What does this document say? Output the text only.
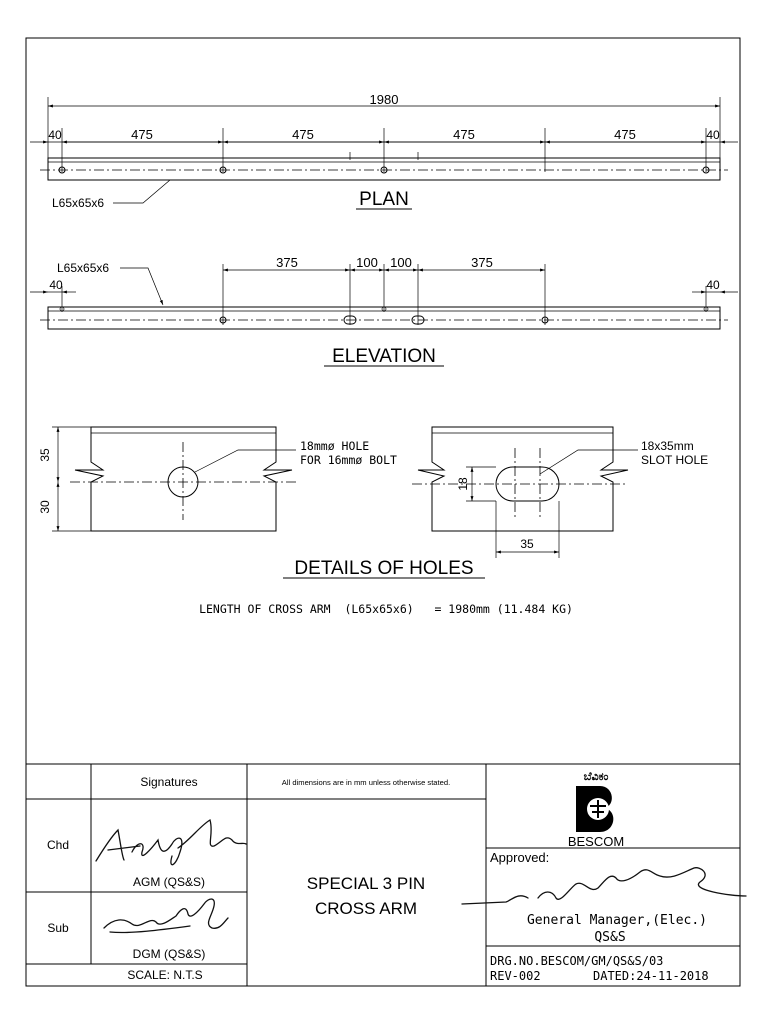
1980
40	475	475	475	475	40
L65x65x6	PLAN
375	100 100	375
40	40
L65x65x6
ELEVATION
35
30
18mmø HOLE
FOR 16mmø BOLT
18
35
18x35mm
SLOT HOLE
DETAILS OF HOLES
LENGTH OF CROSS ARM  (L65x65x6)   = 1980mm (11.484 KG)
Signatures	All dimensions are in mm unless otherwise stated.
Chd
Sub
AGM (QS&S)
DGM (QS&S)
SCALE: N.T.S
SPECIAL 3 PIN
CROSS ARM
ಬೆವಿಕಂ
BESCOM
Approved:
General Manager,(Elec.)
QS&S
DRG.NO.BESCOM/GM/QS&S/03
REV-002	DATED:24-11-2018
